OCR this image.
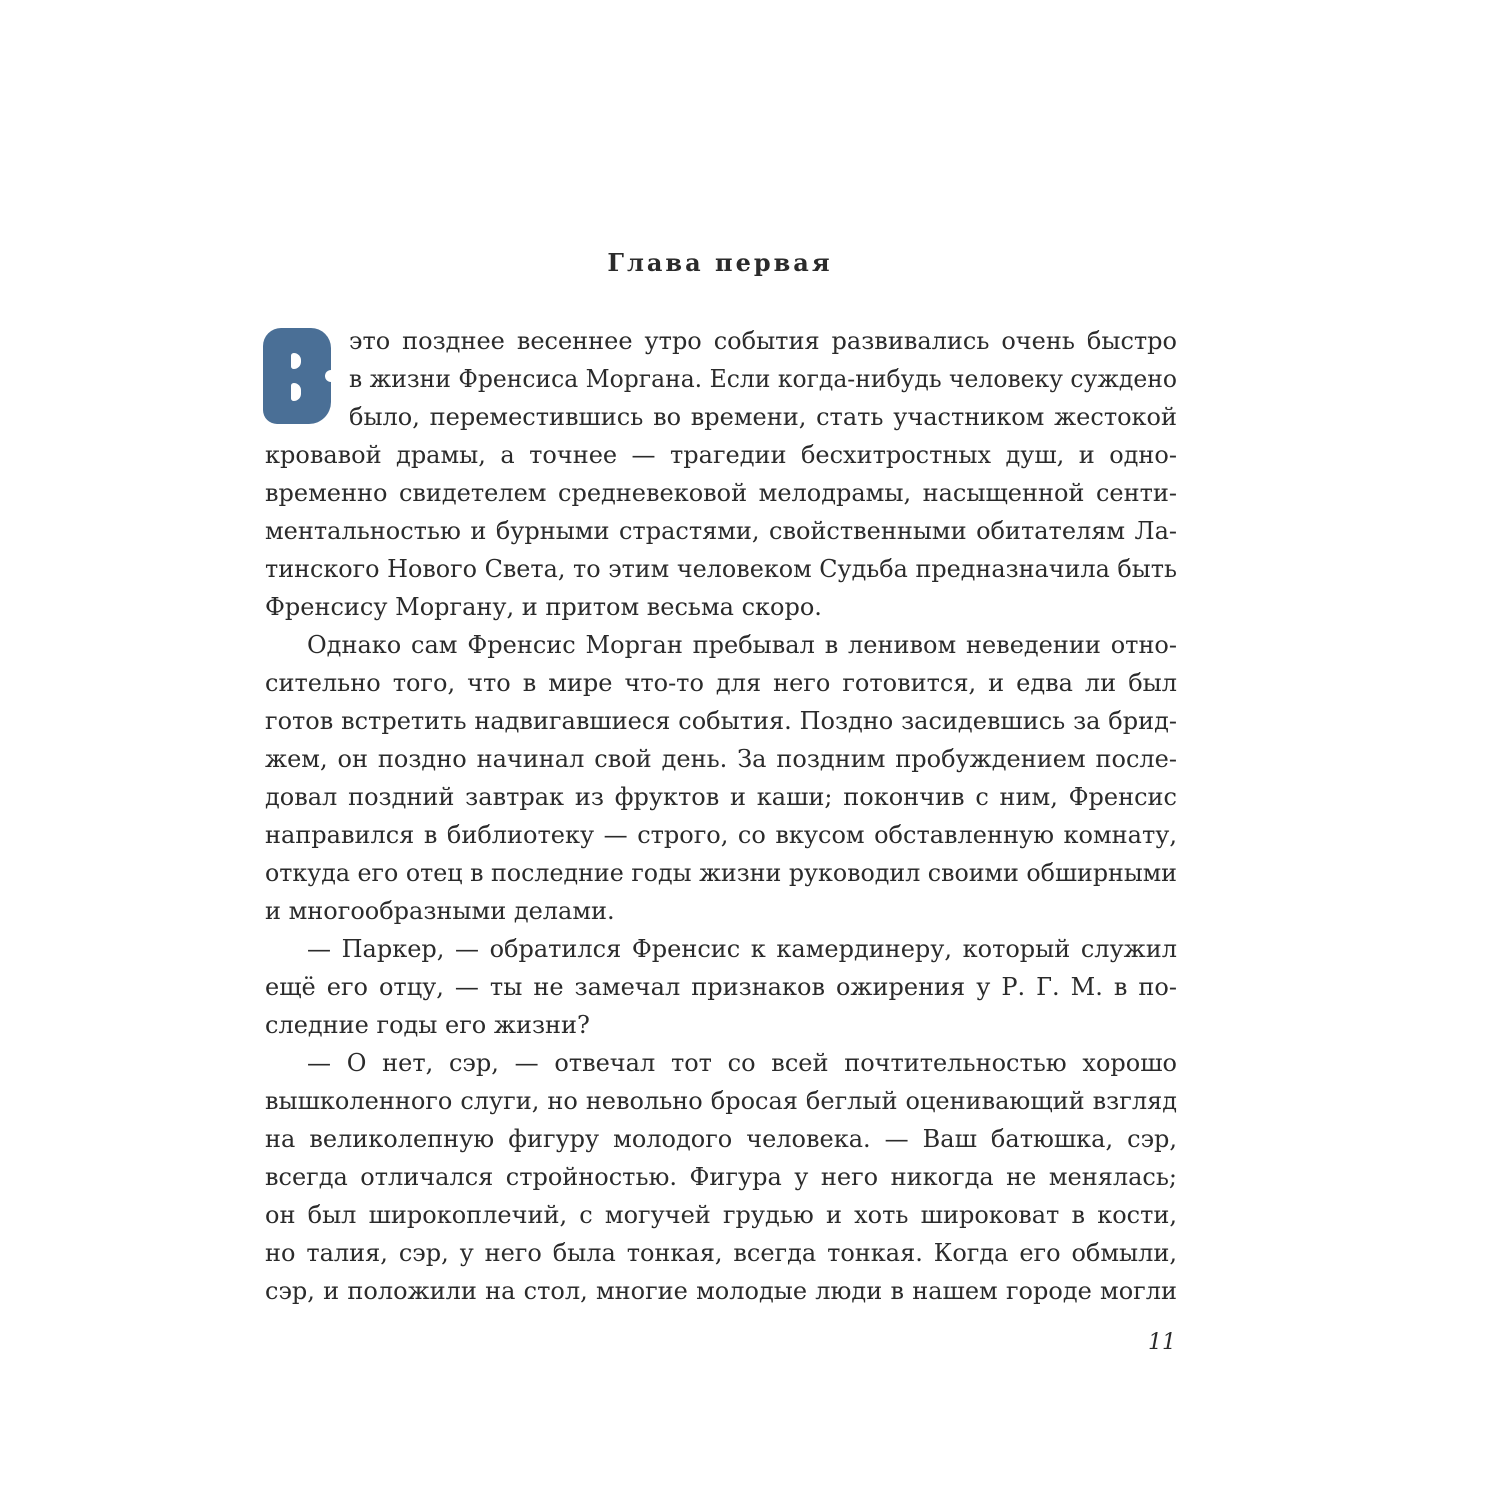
Глава первая
это позднее весеннее утро события развивались очень быстро
в жизни Френсиса Моргана. Если когда-нибудь человеку суждено
было, переместившись во времени, стать участником жестокой
кровавой драмы, а точнее — трагедии бесхитростных душ, и одно-
временно свидетелем средневековой мелодрамы, насыщенной сенти-
ментальностью и бурными страстями, свойственными обитателям Ла-
тинского Нового Света, то этим человеком Судьба предназначила быть
Френсису Моргану, и притом весьма скоро.
Однако сам Френсис Морган пребывал в ленивом неведении отно-
сительно того, что в мире что-то для него готовится, и едва ли был
готов встретить надвигавшиеся события. Поздно засидевшись за брид-
жем, он поздно начинал свой день. За поздним пробуждением после-
довал поздний завтрак из фруктов и каши; покончив с ним, Френсис
направился в библиотеку — строго, со вкусом обставленную комнату,
откуда его отец в последние годы жизни руководил своими обширными
и многообразными делами.
— Паркер, — обратился Френсис к камердинеру, который служил
ещё его отцу, — ты не замечал признаков ожирения у Р. Г. М. в по-
следние годы его жизни?
— О нет, сэр, — отвечал тот со всей почтительностью хорошо
вышколенного слуги, но невольно бросая беглый оценивающий взгляд
на великолепную фигуру молодого человека. — Ваш батюшка, сэр,
всегда отличался стройностью. Фигура у него никогда не менялась;
он был широкоплечий, с могучей грудью и хоть широковат в кости,
но талия, сэр, у него была тонкая, всегда тонкая. Когда его обмыли,
сэр, и положили на стол, многие молодые люди в нашем городе могли
11
